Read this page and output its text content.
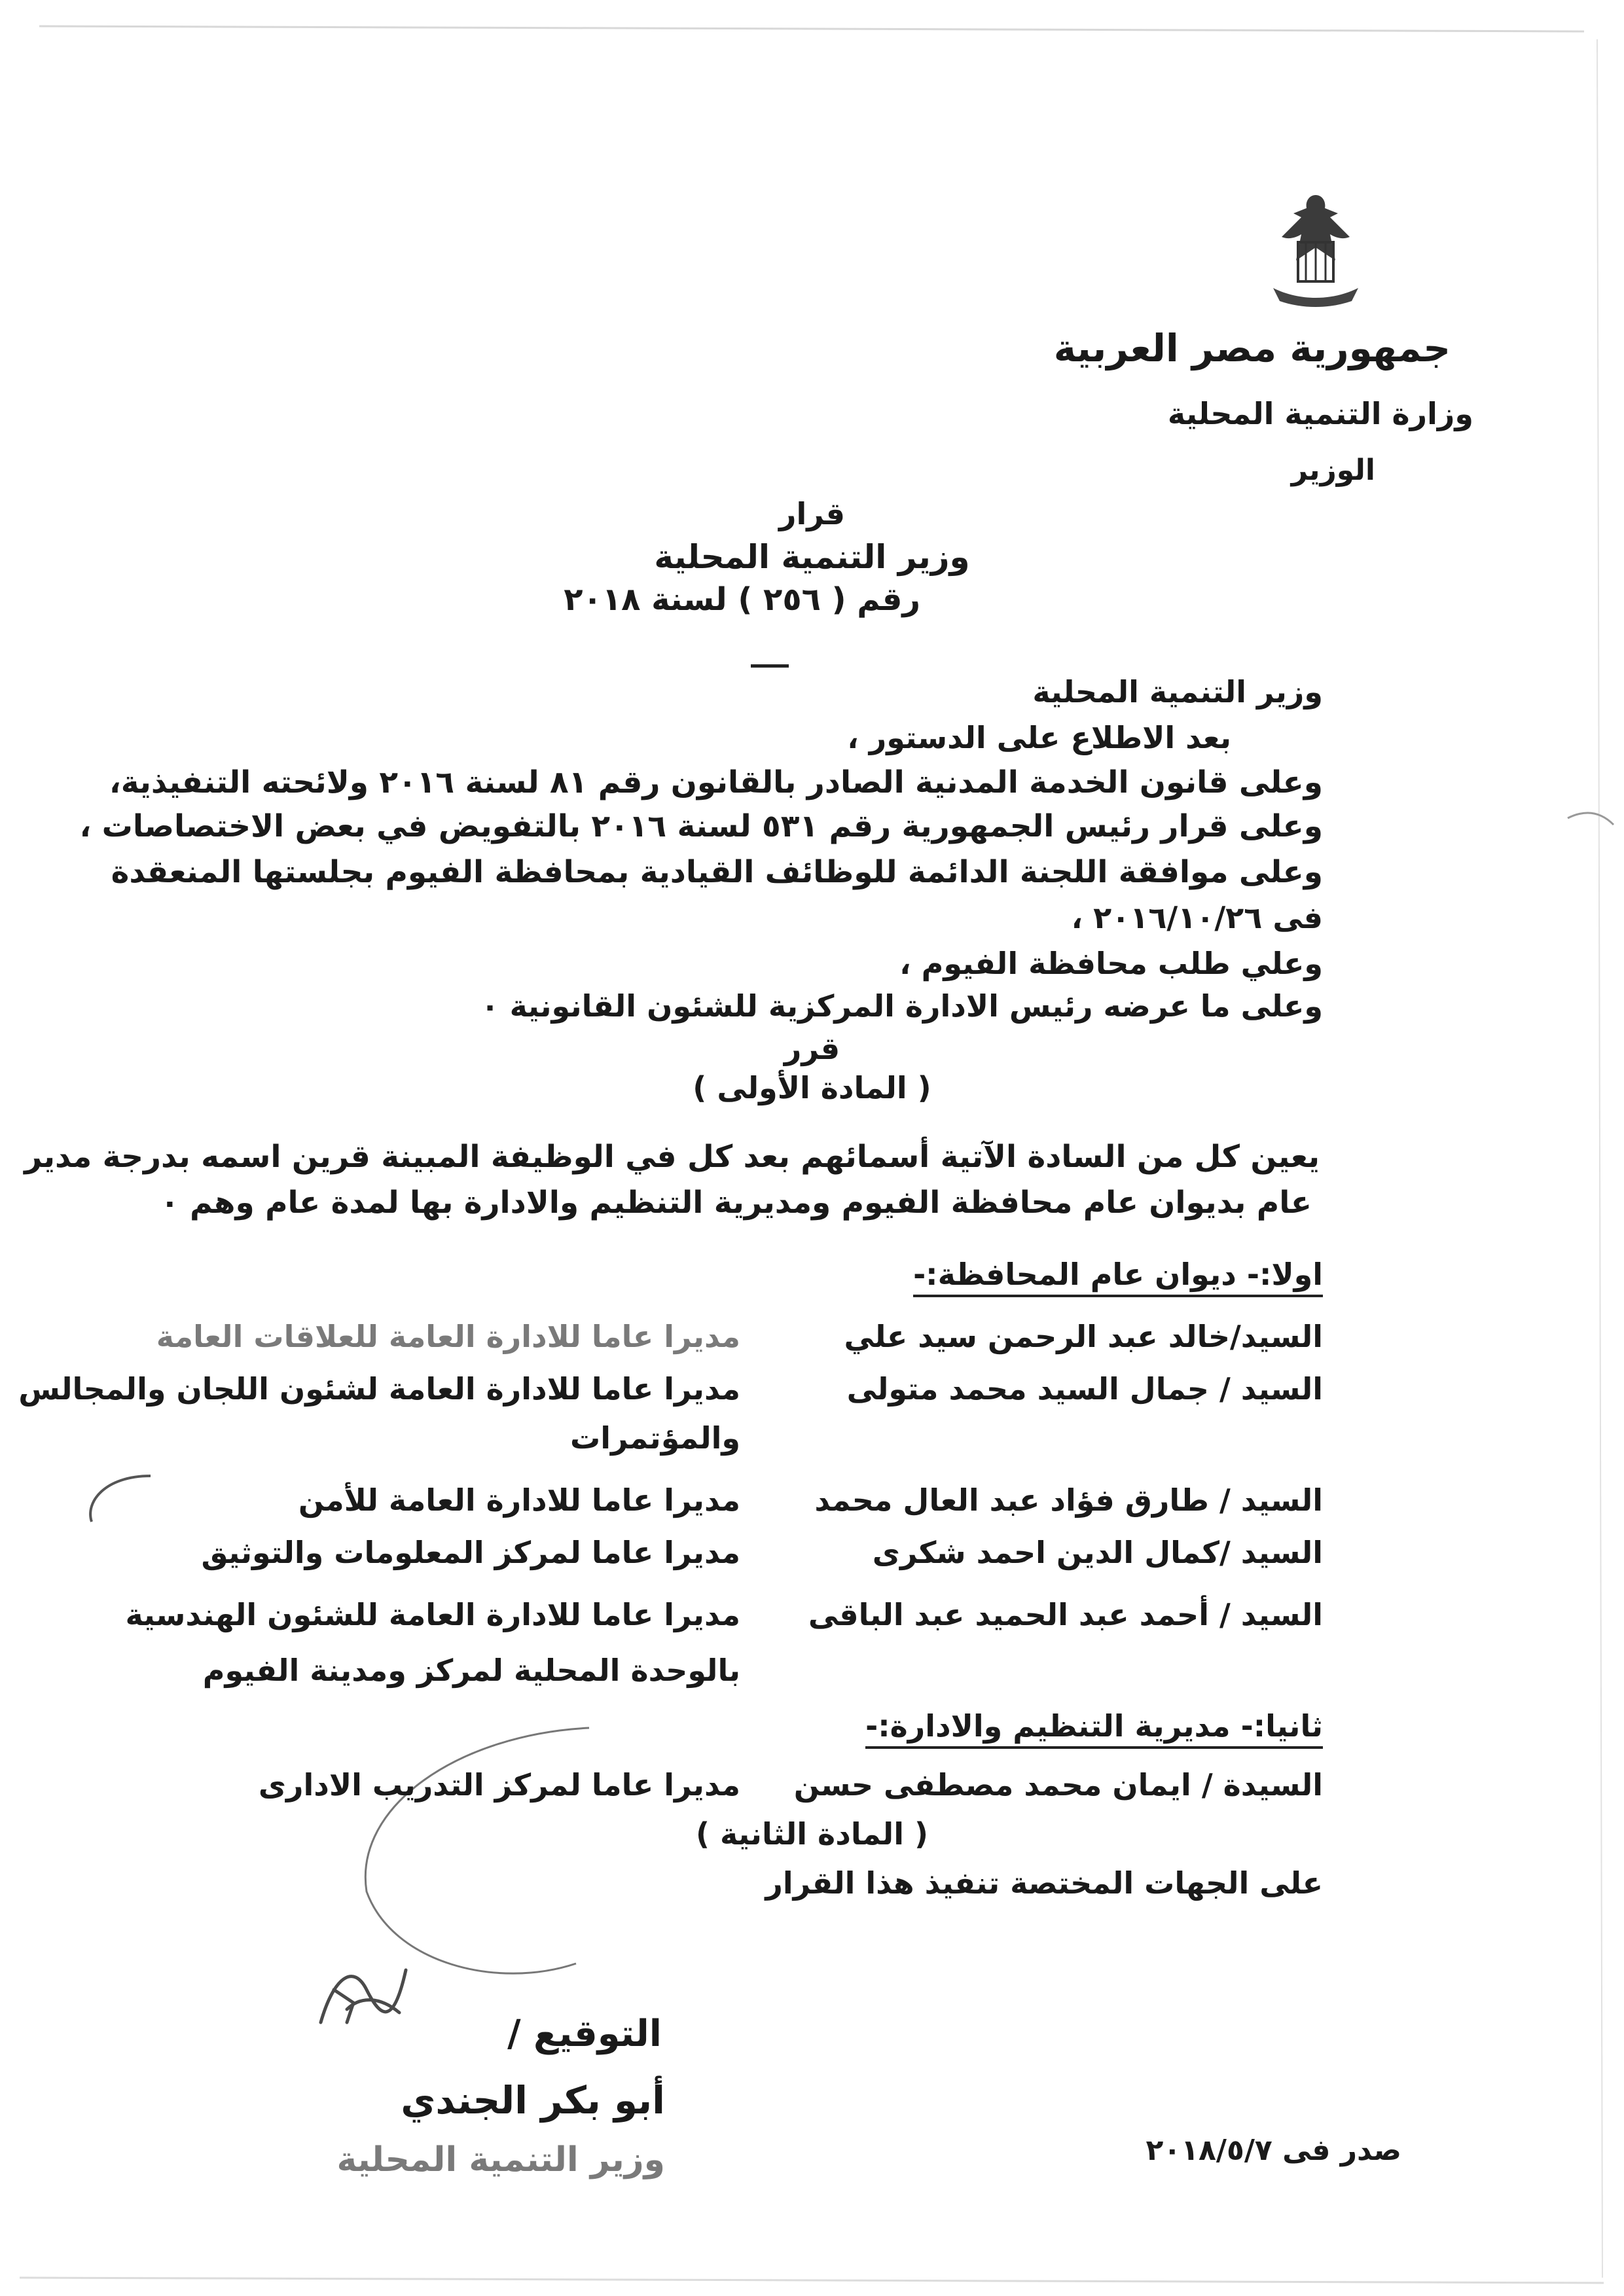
جمهورية مصر العربية
وزارة التنمية المحلية
الوزير
قرار
وزير التنمية المحلية
رقم ( ٢٥٦ ) لسنة ٢٠١٨
وزير التنمية المحلية
بعد الاطلاع على الدستور ،
وعلى قانون الخدمة المدنية الصادر بالقانون رقم ٨١ لسنة ٢٠١٦ ولائحته التنفيذية،
وعلى قرار رئيس الجمهورية رقم ٥٣١ لسنة ٢٠١٦ بالتفويض في بعض الاختصاصات ،
وعلى موافقة اللجنة الدائمة للوظائف القيادية بمحافظة الفيوم بجلستها المنعقدة
فى ٢٠١٦/١٠/٢٦ ،
وعلي طلب محافظة الفيوم ،
وعلى ما عرضه رئيس الادارة المركزية للشئون القانونية ٠
قرر
( المادة الأولى )
يعين كل من السادة الآتية أسمائهم بعد كل في الوظيفة المبينة قرين اسمه بدرجة مدير
عام بديوان عام محافظة الفيوم ومديرية التنظيم والادارة بها لمدة عام وهم ٠
اولا:- ديوان عام المحافظة:-
السيد/خالد عبد الرحمن سيد علي
مديرا عاما للادارة العامة للعلاقات العامة
السيد / جمال السيد محمد متولى
مديرا عاما للادارة العامة لشئون اللجان والمجالس
والمؤتمرات
السيد / طارق فؤاد عبد العال محمد
مديرا عاما للادارة العامة للأمن
السيد /كمال الدين احمد شكرى
مديرا عاما لمركز المعلومات والتوثيق
السيد / أحمد عبد الحميد عبد الباقى
مديرا عاما للادارة العامة للشئون الهندسية
بالوحدة المحلية لمركز ومدينة الفيوم
ثانيا:- مديرية التنظيم والادارة:-
السيدة / ايمان محمد مصطفى حسن
مديرا عاما لمركز التدريب الادارى
( المادة الثانية )
على الجهات المختصة تنفيذ هذا القرار
التوقيع /
أبو بكر الجندي
وزير التنمية المحلية	صدر فى ٢٠١٨/٥/٧
